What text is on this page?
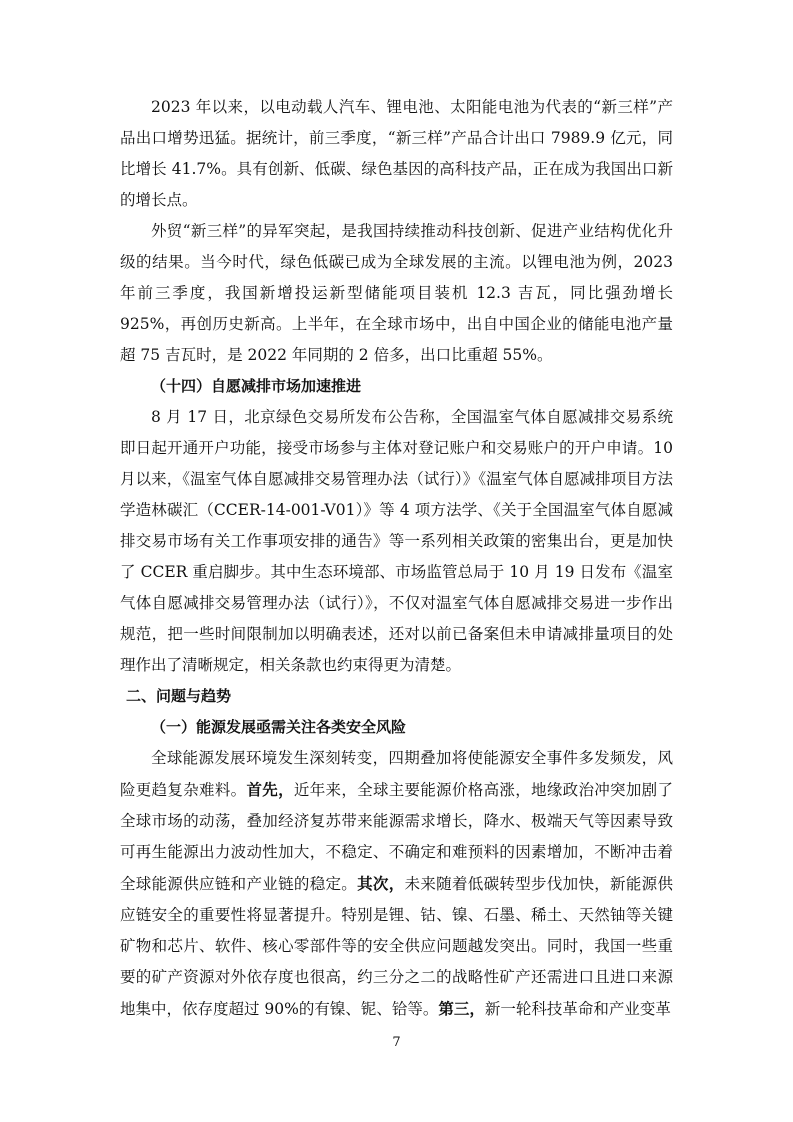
2023 年以来，以电动载人汽车、锂电池、太阳能电池为代表的“新三样”产品出口增势迅猛。据统计，前三季度，“新三样”产品合计出口 7989.9 亿元，同比增长 41.7%。具有创新、低碳、绿色基因的高科技产品，正在成为我国出口新的增长点。

外贸“新三样”的异军突起，是我国持续推动科技创新、促进产业结构优化升级的结果。当今时代，绿色低碳已成为全球发展的主流。以锂电池为例，2023 年前三季度，我国新增投运新型储能项目装机 12.3 吉瓦，同比强劲增长 925%，再创历史新高。上半年，在全球市场中，出自中国企业的储能电池产量超 75 吉瓦时，是 2022 年同期的 2 倍多，出口比重超 55%。

（十四）自愿减排市场加速推进

8 月 17 日，北京绿色交易所发布公告称，全国温室气体自愿减排交易系统即日起开通开户功能，接受市场参与主体对登记账户和交易账户的开户申请。10 月以来，《温室气体自愿减排交易管理办法（试行）》《温室气体自愿减排项目方法学造林碳汇（CCER-14-001-V01）》等 4 项方法学、《关于全国温室气体自愿减排交易市场有关工作事项安排的通告》等一系列相关政策的密集出台，更是加快了 CCER 重启脚步。其中生态环境部、市场监管总局于 10 月 19 日发布《温室气体自愿减排交易管理办法（试行）》，不仅对温室气体自愿减排交易进一步作出规范，把一些时间限制加以明确表述，还对以前已备案但未申请减排量项目的处理作出了清晰规定，相关条款也约束得更为清楚。

二、问题与趋势

（一）能源发展亟需关注各类安全风险

全球能源发展环境发生深刻转变，四期叠加将使能源安全事件多发频发，风险更趋复杂难料。首先，近年来，全球主要能源价格高涨，地缘政治冲突加剧了全球市场的动荡，叠加经济复苏带来能源需求增长，降水、极端天气等因素导致可再生能源出力波动性加大，不稳定、不确定和难预料的因素增加，不断冲击着全球能源供应链和产业链的稳定。其次，未来随着低碳转型步伐加快，新能源供应链安全的重要性将显著提升。特别是锂、钴、镍、石墨、稀土、天然铀等关键矿物和芯片、软件、核心零部件等的安全供应问题越发突出。同时，我国一些重要的矿产资源对外依存度也很高，约三分之二的战略性矿产还需进口且进口来源地集中，依存度超过 90%的有镍、铌、铪等。第三，新一轮科技革命和产业变革

7
